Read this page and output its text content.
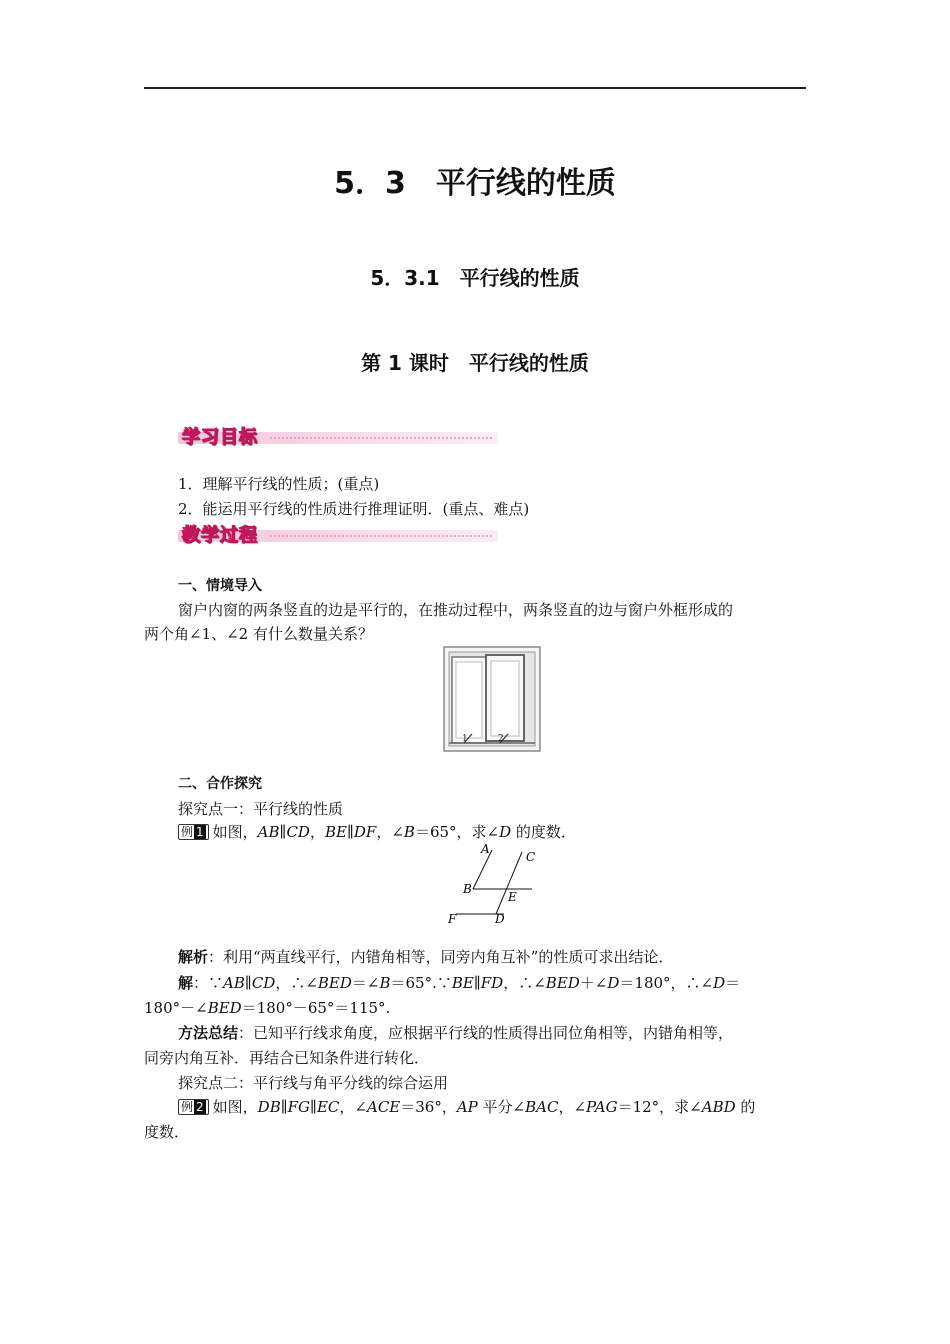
5．3　平行线的性质
5．3.1　平行线的性质
第 1 课时　平行线的性质
学习目标
1．理解平行线的性质；(重点)
2．能运用平行线的性质进行推理证明．(重点、难点)
教学过程
一、情境导入
窗户内窗的两条竖直的边是平行的，在推动过程中，两条竖直的边与窗户外框形成的
两个角∠1、∠2 有什么数量关系？
1	2
二、合作探究
探究点一：平行线的性质
例 1 如图，AB∥CD，BE∥DF，∠B＝65°，求∠D 的度数．
A
C
B
E
F	D
解析：利用“两直线平行，内错角相等，同旁内角互补”的性质可求出结论．
解：∵AB∥CD，∴∠BED＝∠B＝65°.∵BE∥FD，∴∠BED＋∠D＝180°，∴∠D＝
180°－∠BED＝180°－65°＝115°.
方法总结：已知平行线求角度，应根据平行线的性质得出同位角相等，内错角相等，
同旁内角互补．再结合已知条件进行转化．
探究点二：平行线与角平分线的综合运用
例 2 如图，DB∥FG∥EC，∠ACE＝36°，AP 平分∠BAC，∠PAG＝12°，求∠ABD 的
度数．
